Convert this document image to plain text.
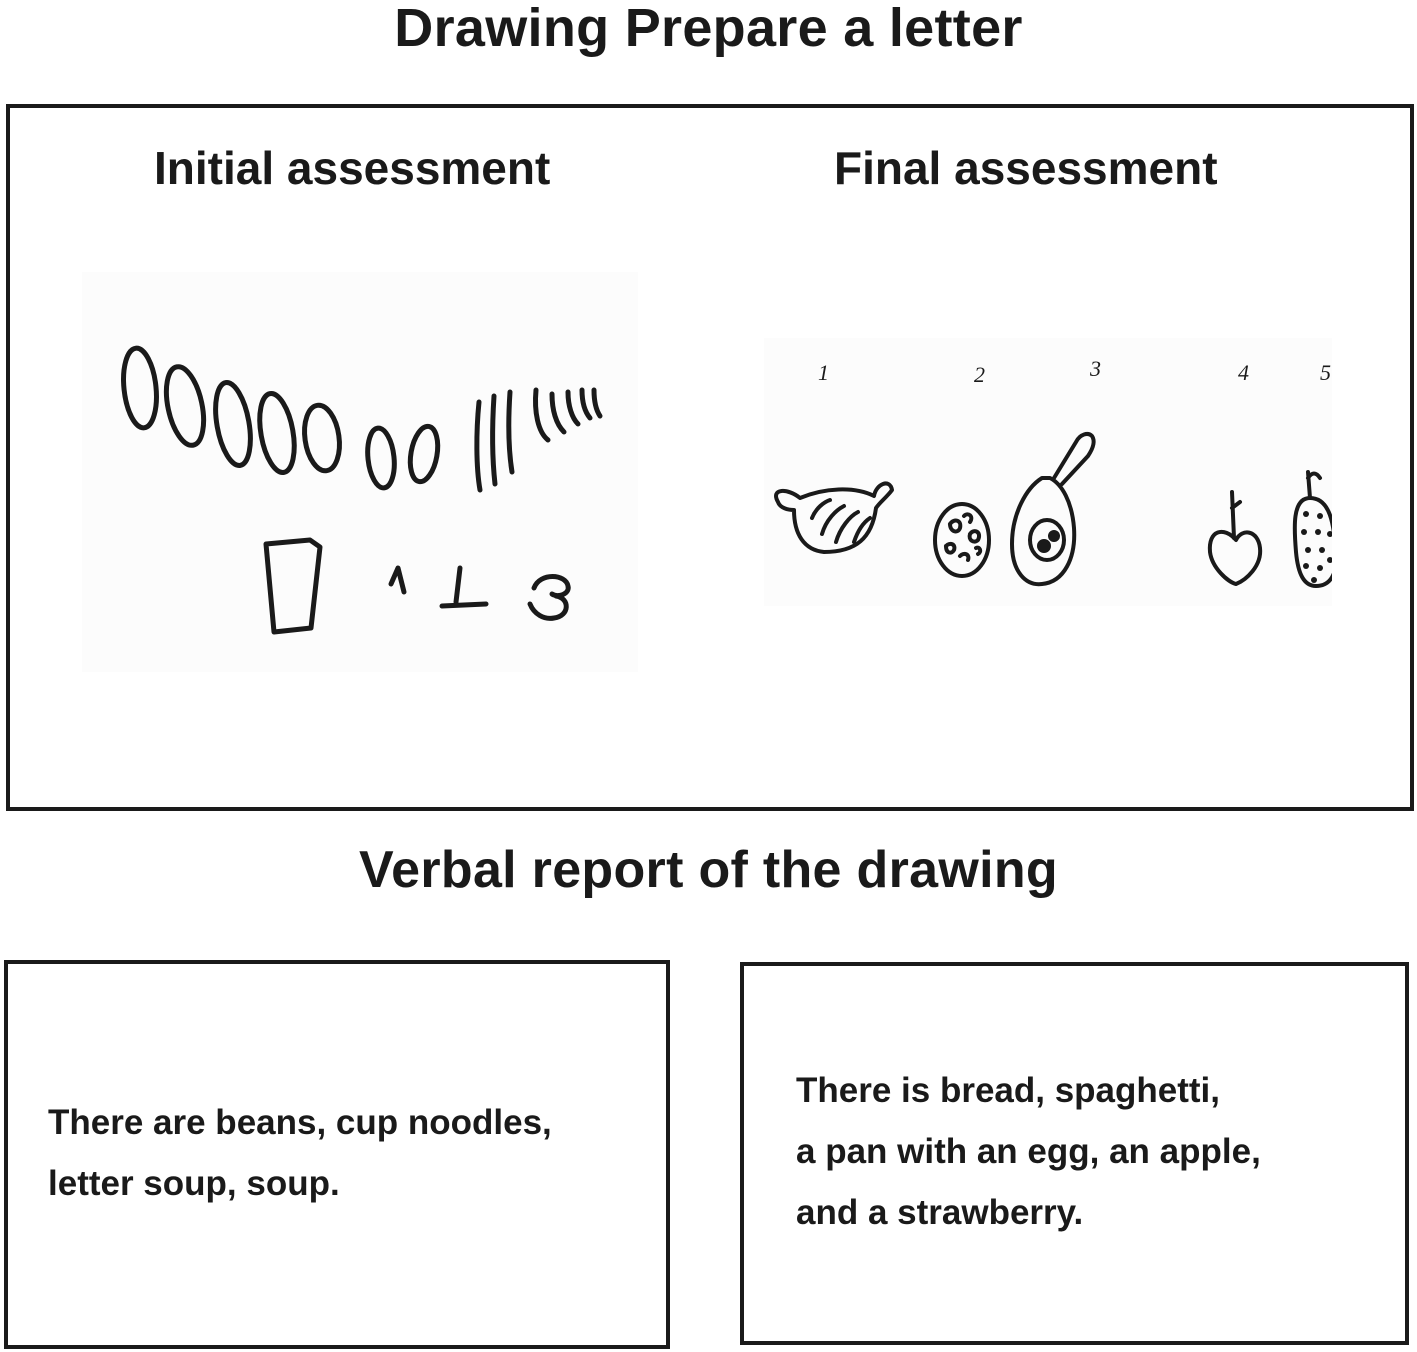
Drawing Prepare a letter
Initial assessment	Final assessment
1	2	3	4	5
Verbal report of the drawing

There are beans, cup noodles,
letter soup, soup.

There is bread, spaghetti,
a pan with an egg, an apple,
and a strawberry.
